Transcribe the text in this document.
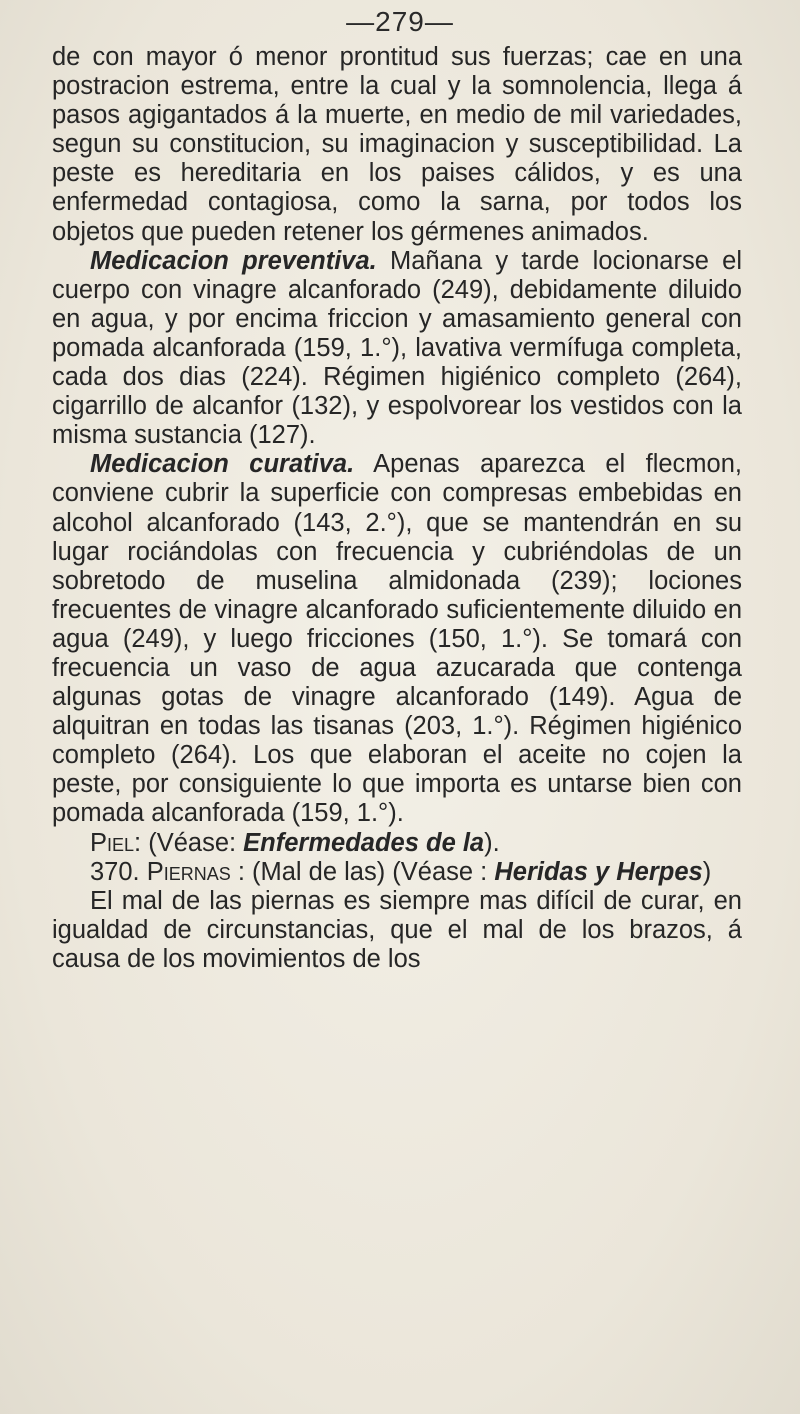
—279—

de con mayor ó menor prontitud sus fuerzas; cae en una postracion estrema, entre la cual y la somnolencia, llega á pasos agigantados á la muerte, en medio de mil variedades, segun su constitucion, su imaginacion y susceptibilidad. La peste es hereditaria en los paises cálidos, y es una enfermedad contagiosa, como la sarna, por todos los objetos que pueden retener los gérmenes animados.

Medicacion preventiva. Mañana y tarde locionarse el cuerpo con vinagre alcanforado (249), debidamente diluido en agua, y por encima friccion y amasamiento general con pomada alcanforada (159, 1.°), lavativa vermífuga completa, cada dos dias (224). Régimen higiénico completo (264), cigarrillo de alcanfor (132), y espolvorear los vestidos con la misma sustancia (127).

Medicacion curativa. Apenas aparezca el flecmon, conviene cubrir la superficie con compresas embebidas en alcohol alcanforado (143, 2.°), que se mantendrán en su lugar rociándolas con frecuencia y cubriéndolas de un sobretodo de muselina almidonada (239); lociones frecuentes de vinagre alcanforado suficientemente diluido en agua (249), y luego fricciones (150, 1.°). Se tomará con frecuencia un vaso de agua azucarada que contenga algunas gotas de vinagre alcanforado (149). Agua de alquitran en todas las tisanas (203, 1.°). Régimen higiénico completo (264). Los que elaboran el aceite no cojen la peste, por consiguiente lo que importa es untarse bien con pomada alcanforada (159, 1.°).

Piel: (Véase: Enfermedades de la).

370. Piernas : (Mal de las) (Véase : Heridas y Herpes)

El mal de las piernas es siempre mas difícil de curar, en igualdad de circunstancias, que el mal de los brazos, á causa de los movimientos de los
